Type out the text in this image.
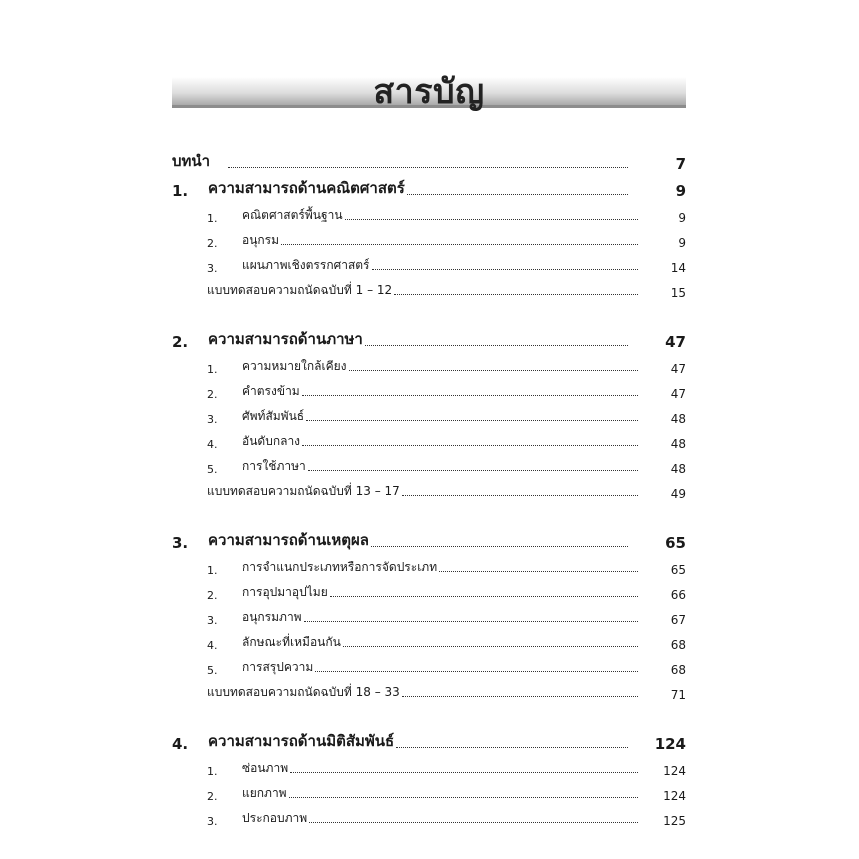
สารบัญ
บทนำ	7
1.	ความสามารถด้านคณิตศาสตร์	9
1.	คณิตศาสตร์พื้นฐาน	9
2.	อนุกรม	9
3.	แผนภาพเชิงตรรกศาสตร์	14
แบบทดสอบความถนัดฉบับที่ 1 – 12	15
2.	ความสามารถด้านภาษา	47
1.	ความหมายใกล้เคียง	47
2.	คำตรงข้าม	47
3.	ศัพท์สัมพันธ์	48
4.	อันดับกลาง	48
5.	การใช้ภาษา	48
แบบทดสอบความถนัดฉบับที่ 13 – 17	49
3.	ความสามารถด้านเหตุผล	65
1.	การจำแนกประเภทหรือการจัดประเภท	65
2.	การอุปมาอุปไมย	66
3.	อนุกรมภาพ	67
4.	ลักษณะที่เหมือนกัน	68
5.	การสรุปความ	68
แบบทดสอบความถนัดฉบับที่ 18 – 33	71
4.	ความสามารถด้านมิติสัมพันธ์	124
1.	ซ่อนภาพ	124
2.	แยกภาพ	124
3.	ประกอบภาพ	125
